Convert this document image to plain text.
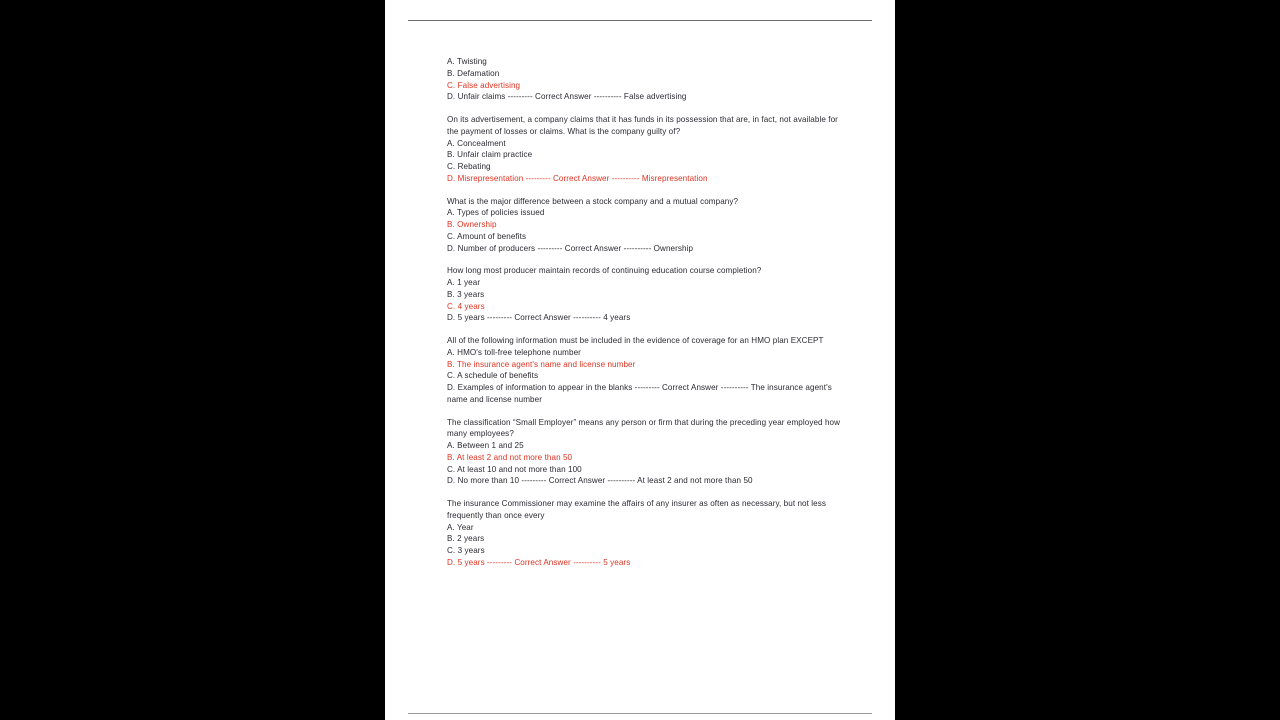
A. Twisting
B. Defamation
C. False advertising
D. Unfair claims --------- Correct Answer ---------- False advertising
On its advertisement, a company claims that it has funds in its possession that are, in fact, not available for the payment of losses or claims. What is the company guilty of?
A. Concealment
B. Unfair claim practice
C. Rebating
D. Misrepresentation --------- Correct Answer ---------- Misrepresentation
What is the major difference between a stock company and a mutual company?
A. Types of policies issued
B. Ownership
C. Amount of benefits
D. Number of producers --------- Correct Answer ---------- Ownership
How long most producer maintain records of continuing education course completion?
A. 1 year
B. 3 years
C. 4 years
D. 5 years --------- Correct Answer ---------- 4 years
All of the following information must be included in the evidence of coverage for an HMO plan EXCEPT
A. HMO's toll-free telephone number
B. The insurance agent's name and license number
C. A schedule of benefits
D. Examples of information to appear in the blanks --------- Correct Answer ---------- The insurance agent's name and license number
The classification “Small Employer” means any person or firm that during the preceding year employed how many employees?
A. Between 1 and 25
B. At least 2 and not more than 50
C. At least 10 and not more than 100
D. No more than 10 --------- Correct Answer ---------- At least 2 and not more than 50
The insurance Commissioner may examine the affairs of any insurer as often as necessary, but not less frequently than once every
A. Year
B. 2 years
C. 3 years
D. 5 years --------- Correct Answer ---------- 5 years
